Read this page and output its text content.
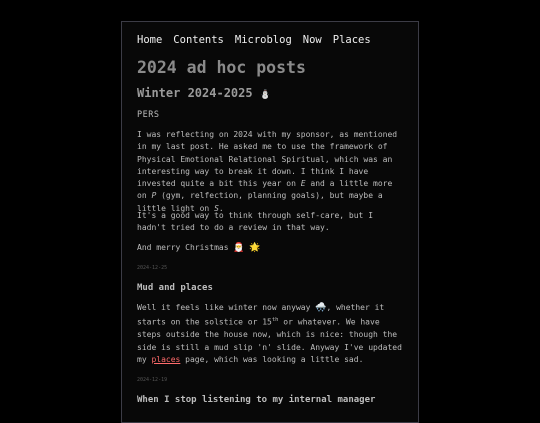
Home Contents Microblog Now Places
2024 ad hoc posts
Winter 2024-2025 ⛄
PERS

I was reflecting on 2024 with my sponsor, as mentioned in my last post. He asked me to use the framework of Physical Emotional Relational Spiritual, which was an interesting way to break it down. I think I have invested quite a bit this year on E and a little more on P (gym, relfection, planning goals), but maybe a little light on S.

It's a good way to think through self-care, but I hadn't tried to do a review in that way.

And merry Christmas 🎅 🌟

2024-12-25
Mud and places

Well it feels like winter now anyway 🌨️, whether it starts on the solstice or 15th or whatever. We have steps outside the house now, which is nice: though the side is still a mud slip 'n' slide. Anyway I've updated my places page, which was looking a little sad.

2024-12-19
When I stop listening to my internal manager
